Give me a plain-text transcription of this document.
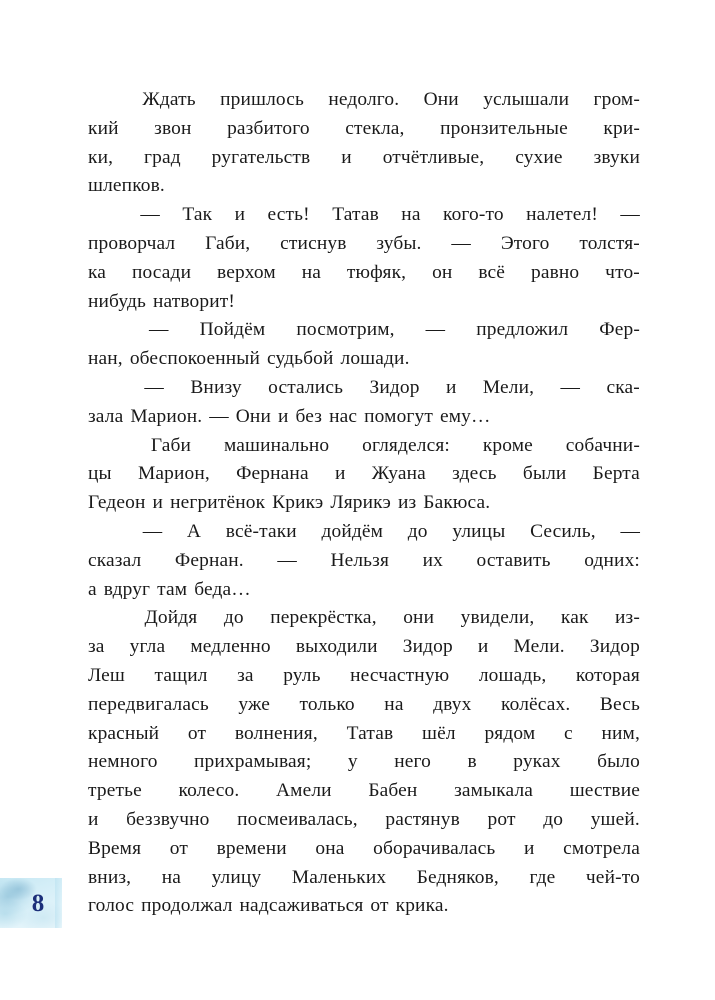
Ждать пришлось недолго. Они услышали гром-
кий звон разбитого стекла, пронзительные кри-
ки, град ругательств и отчётливые, сухие звуки
шлепков.

— Так и есть! Татав на кого-то налетел! —
проворчал Габи, стиснув зубы. — Этого толстя-
ка посади верхом на тюфяк, он всё равно что-
нибудь натворит!

— Пойдём посмотрим, — предложил Фер-
нан, обеспокоенный судьбой лошади.

— Внизу остались Зидор и Мели, — ска-
зала Марион. — Они и без нас помогут ему…

Габи машинально огляделся: кроме собачни-
цы Марион, Фернана и Жуана здесь были Берта
Гедеон и негритёнок Крикэ Лярикэ из Бакюса.

— А всё-таки дойдём до улицы Сесиль, —
сказал Фернан. — Нельзя их оставить одних:
а вдруг там беда…

Дойдя до перекрёстка, они увидели, как из-
за угла медленно выходили Зидор и Мели. Зидор
Леш тащил за руль несчастную лошадь, которая
передвигалась уже только на двух колёсах. Весь
красный от волнения, Татав шёл рядом с ним,
немного прихрамывая; у него в руках было
третье колесо. Амели Бабен замыкала шествие
и беззвучно посмеивалась, растянув рот до ушей.
Время от времени она оборачивалась и смотрела
вниз, на улицу Маленьких Бедняков, где чей-то
голос продолжал надсаживаться от крика.

8
